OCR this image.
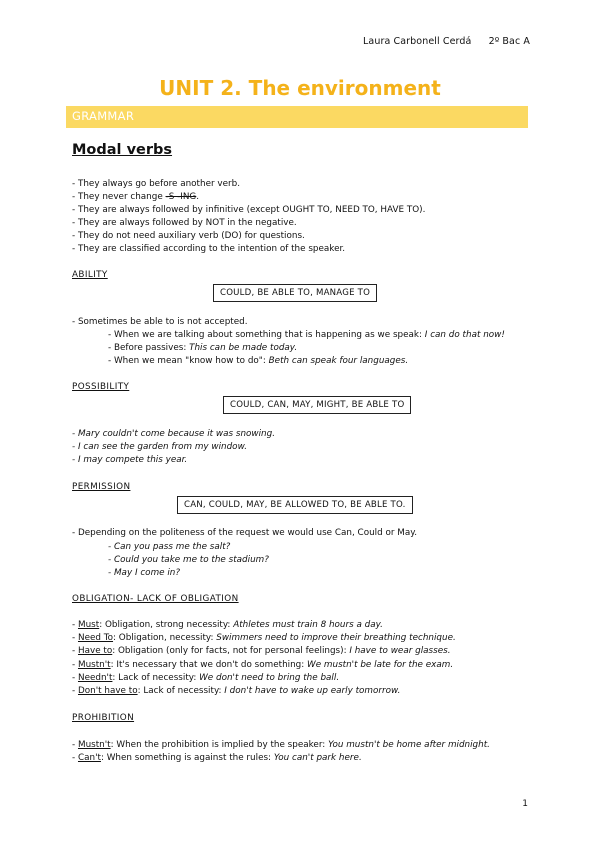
Laura Carbonell Cerdá 2º Bac A
UNIT 2. The environment
GRAMMAR
Modal verbs
- They always go before another verb.
- They never change -S -ING.
- They are always followed by infinitive (except OUGHT TO, NEED TO, HAVE TO).
- They are always followed by NOT in the negative.
- They do not need auxiliary verb (DO) for questions.
- They are classified according to the intention of the speaker.
ABILITY
COULD, BE ABLE TO, MANAGE TO
- Sometimes be able to is not accepted.
- When we are talking about something that is happening as we speak: I can do that now!
- Before passives: This can be made today.
- When we mean "know how to do": Beth can speak four languages.
POSSIBILITY
COULD, CAN, MAY, MIGHT, BE ABLE TO
- Mary couldn't come because it was snowing.
- I can see the garden from my window.
- I may compete this year.
PERMISSION
CAN, COULD, MAY, BE ALLOWED TO, BE ABLE TO.
- Depending on the politeness of the request we would use Can, Could or May.
- Can you pass me the salt?
- Could you take me to the stadium?
- May I come in?
OBLIGATION- LACK OF OBLIGATION
- Must: Obligation, strong necessity: Athletes must train 8 hours a day.
- Need To: Obligation, necessity: Swimmers need to improve their breathing technique.
- Have to: Obligation (only for facts, not for personal feelings): I have to wear glasses.
- Mustn't: It's necessary that we don't do something: We mustn't be late for the exam.
- Needn't: Lack of necessity: We don't need to bring the ball.
- Don't have to: Lack of necessity: I don't have to wake up early tomorrow.
PROHIBITION
- Mustn't: When the prohibition is implied by the speaker: You mustn't be home after midnight.
- Can't: When something is against the rules: You can't park here.
1
